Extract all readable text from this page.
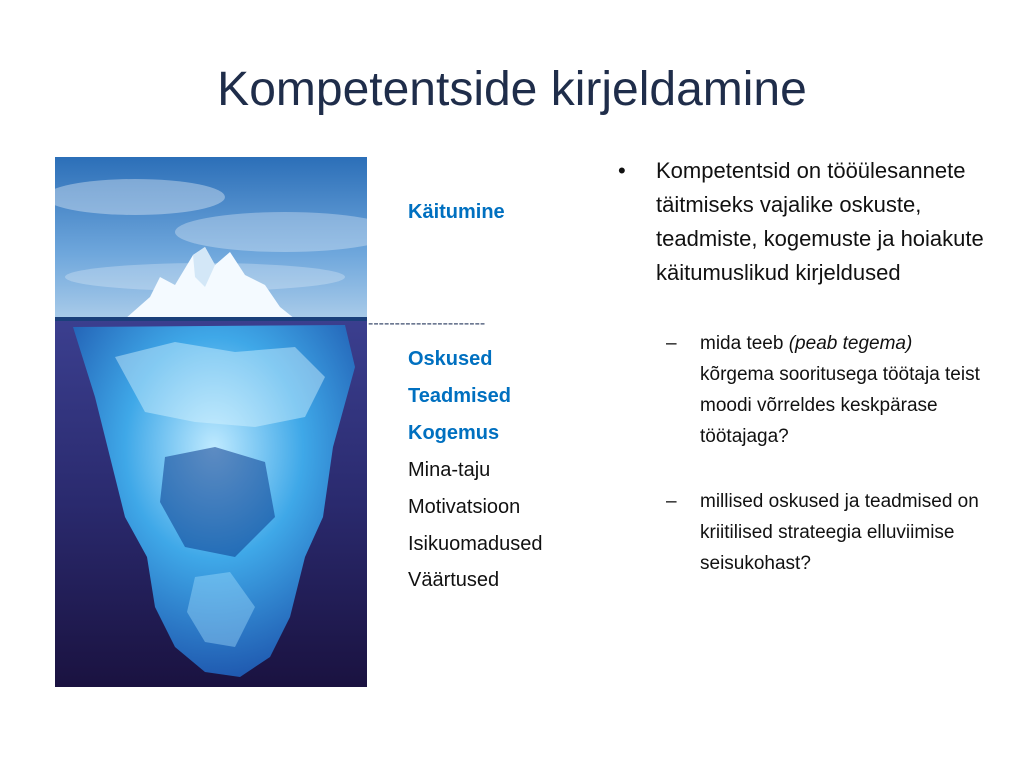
Kompetentside kirjeldamine
Käitumine
----------------------
Oskused
Teadmised
Kogemus
Mina-taju
Motivatsioon
Isikuomadused
Väärtused
• Kompetentsid on tööülesannete täitmiseks vajalike oskuste, teadmiste, kogemuste ja hoiakute käitumuslikud kirjeldused
– mida teeb (peab tegema) kõrgema sooritusega töötaja teist moodi võrreldes keskpärase töötajaga?
– millised oskused ja teadmised on kriitilised strateegia elluviimise seisukohast?
